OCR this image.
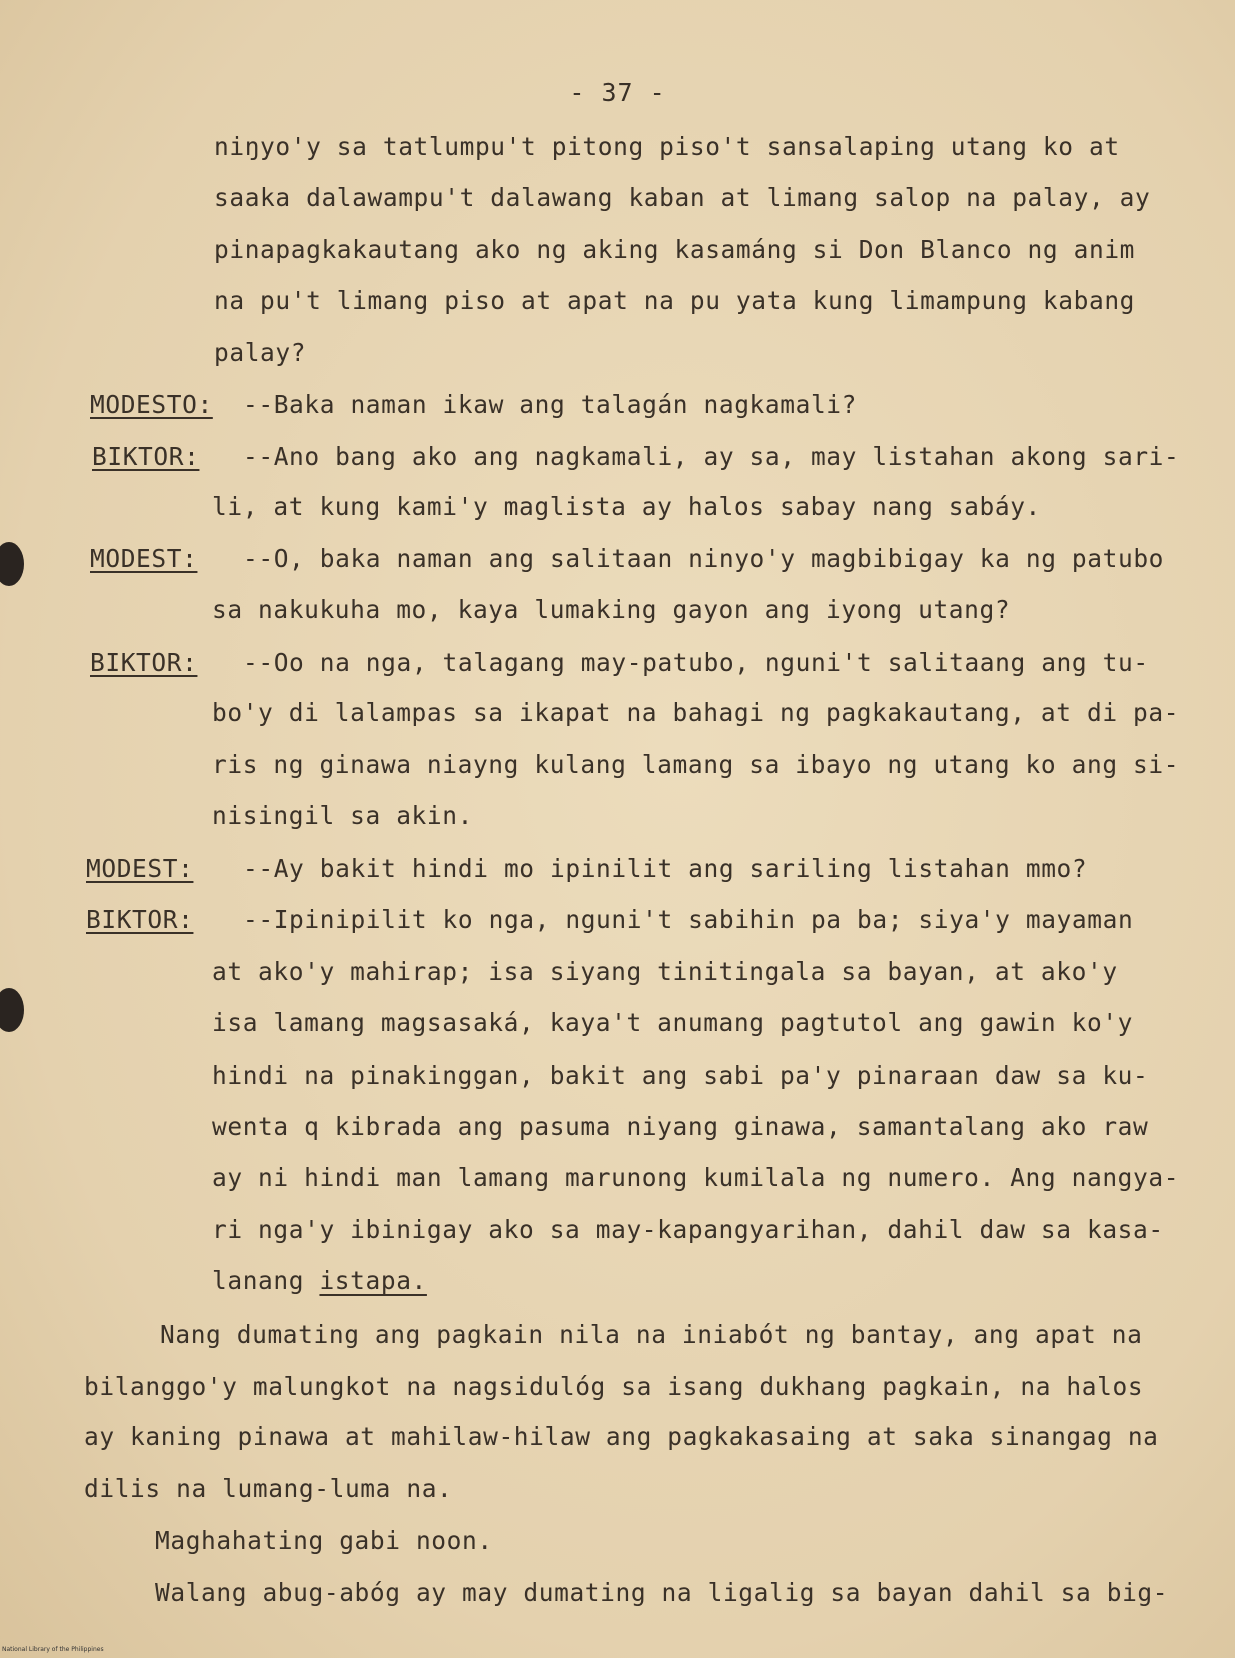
- 37 -
niŋyo'y sa tatlumpu't pitong piso't sansalaping utang ko at
saaka dalawampu't dalawang kaban at limang salop na palay, ay
pinapagkakautang ako ng aking kasamáng si Don Blanco ng anim
na pu't limang piso at apat na pu yata kung limampung kabang
palay?
MODESTO: --Baka naman ikaw ang talagán nagkamali?
BIKTOR: --Ano bang ako ang nagkamali, ay sa, may listahan akong sari-
li, at kung kami'y maglista ay halos sabay nang sabáy.
MODEST: --O, baka naman ang salitaan ninyo'y magbibigay ka ng patubo
sa nakukuha mo, kaya lumaking gayon ang iyong utang?
BIKTOR: --Oo na nga, talagang may-patubo, nguni't salitaang ang tu-
bo'y di lalampas sa ikapat na bahagi ng pagkakautang, at di pa-
ris ng ginawa niayng kulang lamang sa ibayo ng utang ko ang si-
nisingil sa akin.
MODEST: --Ay bakit hindi mo ipinilit ang sariling listahan mmo?
BIKTOR: --Ipinipilit ko nga, nguni't sabihin pa ba; siya'y mayaman
at ako'y mahirap; isa siyang tinitingala sa bayan, at ako'y
isa lamang magsasaká, kaya't anumang pagtutol ang gawin ko'y
hindi na pinakinggan, bakit ang sabi pa'y pinaraan daw sa ku-
wenta q kibrada ang pasuma niyang ginawa, samantalang ako raw
ay ni hindi man lamang marunong kumilala ng numero. Ang nangya-
ri nga'y ibinigay ako sa may-kapangyarihan, dahil daw sa kasa-
lanang istapa.
Nang dumating ang pagkain nila na iniabót ng bantay, ang apat na
bilanggo'y malungkot na nagsidulóg sa isang dukhang pagkain, na halos
ay kaning pinawa at mahilaw-hilaw ang pagkakasaing at saka sinangag na
dilis na lumang-luma na.
Maghahating gabi noon.
Walang abug-abóg ay may dumating na ligalig sa bayan dahil sa big-
National Library of the Philippines
